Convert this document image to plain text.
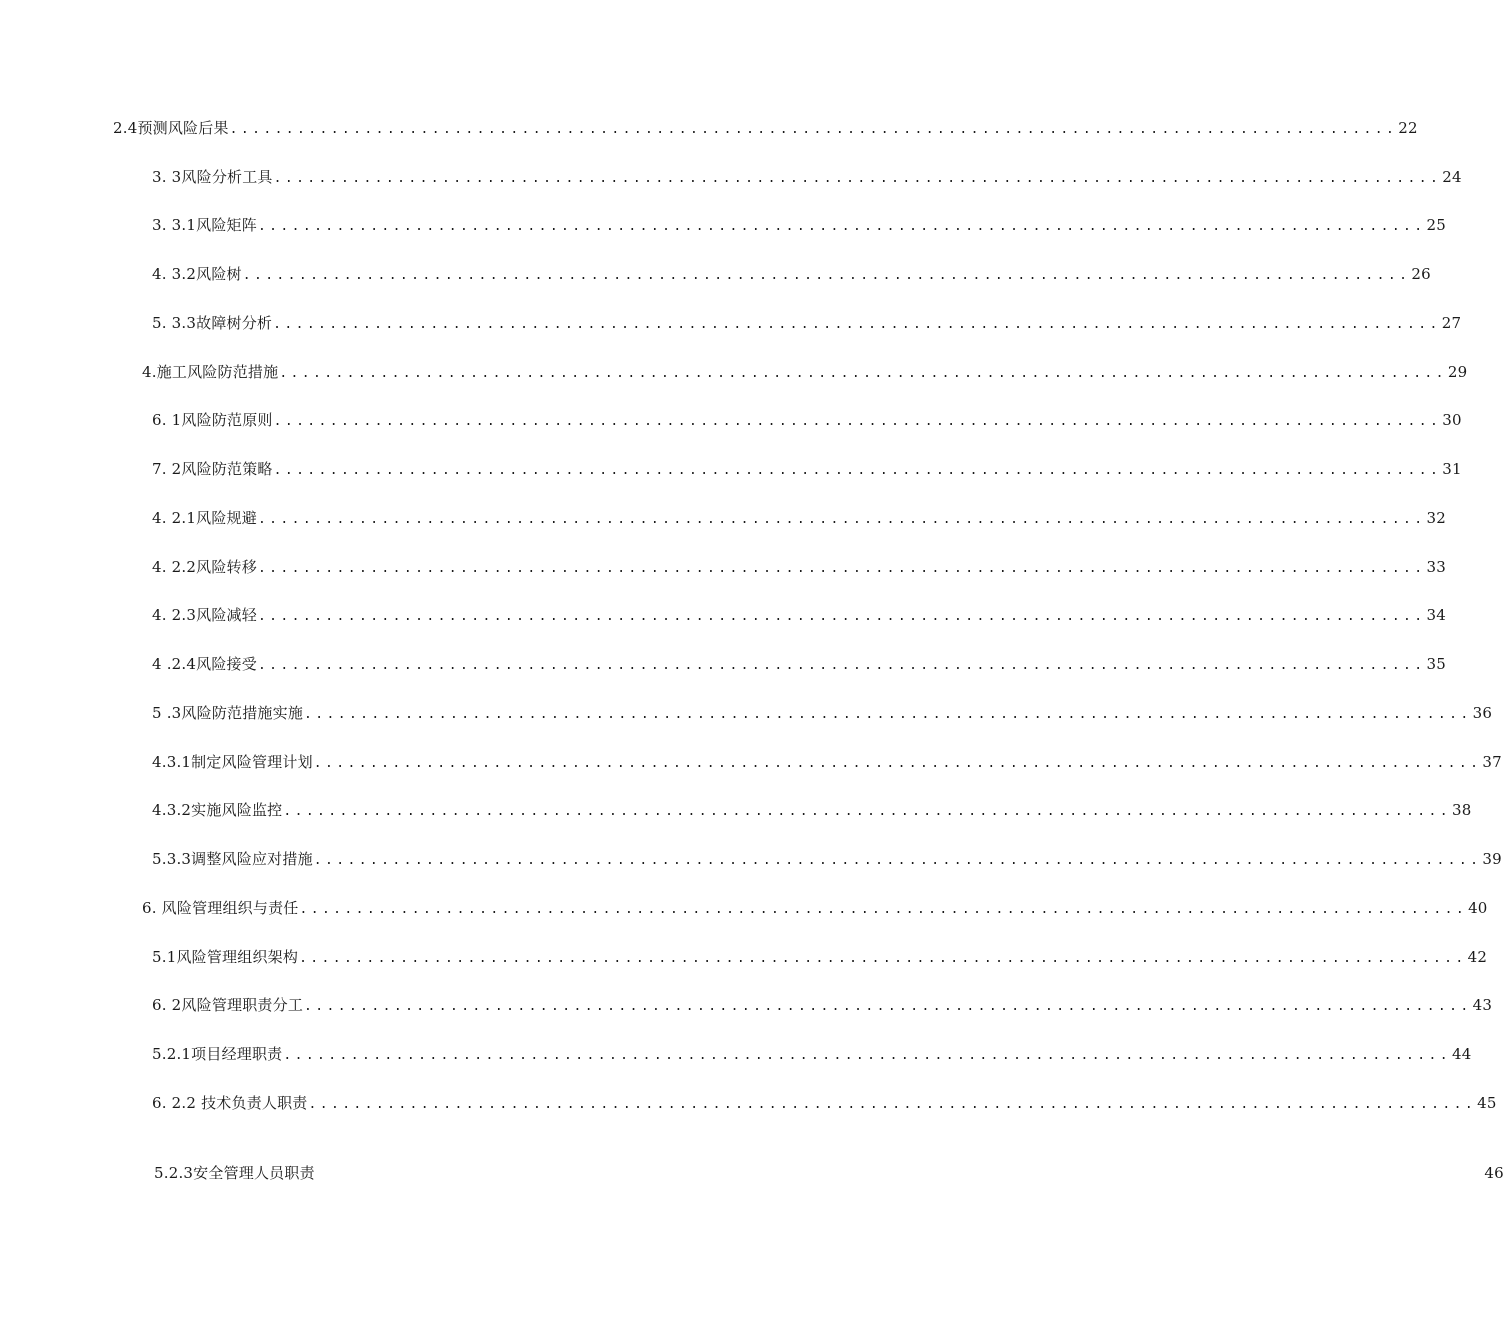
2.4预测风险后果 ........................................................................................................ 22
3. 3风险分析工具 ........................................................................................................ 24
3. 3.1风险矩阵 ........................................................................................................ 25
4. 3.2风险树 ........................................................................................................ 26
5. 3.3故障树分析 ........................................................................................................ 27
4.施工风险防范措施 ........................................................................................................ 29
6. 1风险防范原则 ........................................................................................................ 30
7. 2风险防范策略 ........................................................................................................ 31
4. 2.1风险规避 ........................................................................................................ 32
4. 2.2风险转移 ........................................................................................................ 33
4. 2.3风险减轻 ........................................................................................................ 34
4 .2.4风险接受 ........................................................................................................ 35
5 .3风险防范措施实施 ........................................................................................................ 36
4.3.1制定风险管理计划 ........................................................................................................ 37
4.3.2实施风险监控 ........................................................................................................ 38
5.3.3调整风险应对措施 ........................................................................................................ 39
6. 风险管理组织与责任 ........................................................................................................ 40
5.1风险管理组织架构 ........................................................................................................ 42
6. 2风险管理职责分工 ........................................................................................................ 43
5.2.1项目经理职责 ........................................................................................................ 44
6. 2.2 技术负责人职责 ........................................................................................................ 45
5.2.3安全管理人员职责	46
